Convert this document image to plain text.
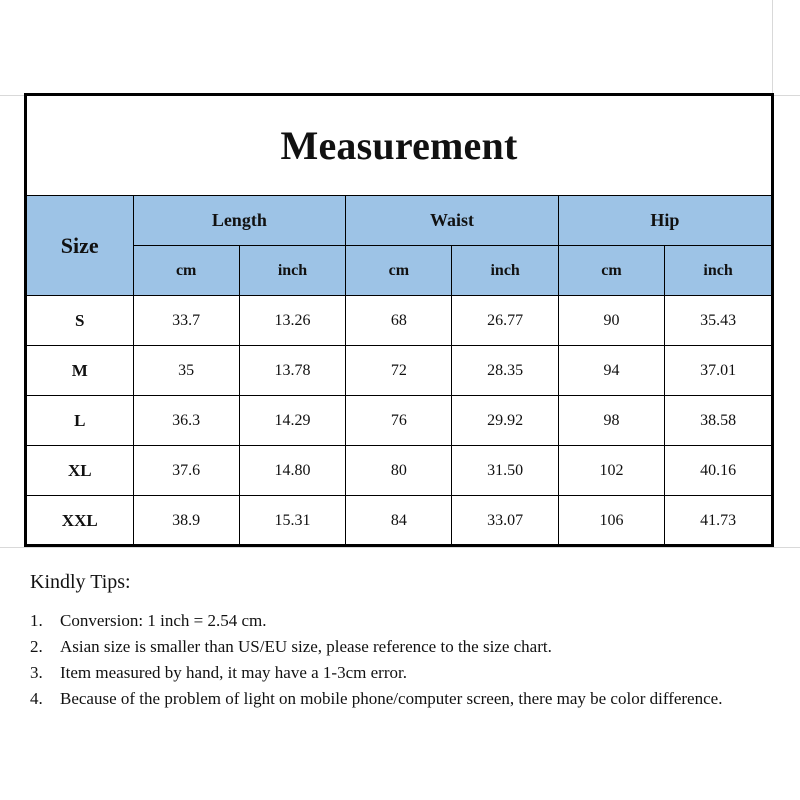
Measurement
Size	Length		Waist		Hip	
	cm	inch	cm	inch	cm	inch
S	33.7	13.26	68	26.77	90	35.43
M	35	13.78	72	28.35	94	37.01
L	36.3	14.29	76	29.92	98	38.58
XL	37.6	14.80	80	31.50	102	40.16
XXL	38.9	15.31	84	33.07	106	41.73
Kindly Tips:
1.	Conversion: 1 inch = 2.54 cm.
2.	Asian size is smaller than US/EU size, please reference to the size chart.
3.	Item measured by hand, it may have a 1-3cm error.
4.	Because of the problem of light on mobile phone/computer screen, there may be color difference.
